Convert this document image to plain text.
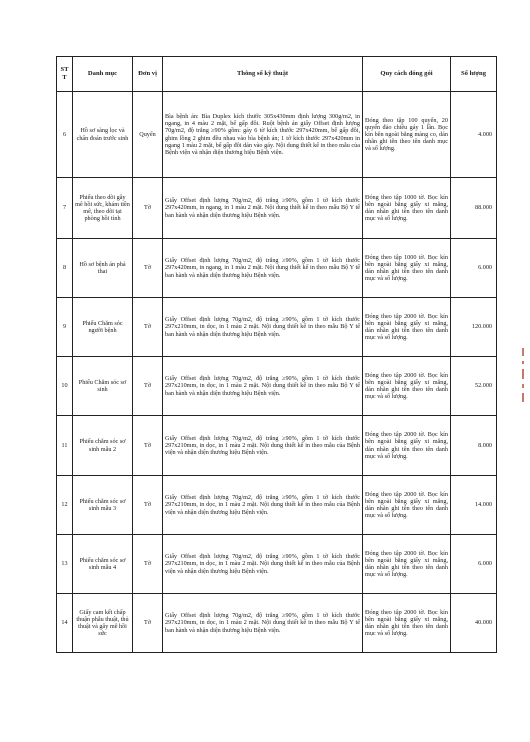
STT	Danh mục	Đơn vị	Thông số kỹ thuật	Quy cách đóng gói	Số lượng
6	Hồ sơ sàng lọc và chẩn đoán trước sinh	Quyển	Bìa bệnh án: Bìa Duplex kích thước 305x430mm định lượng 300g/m2, in ngang, in 4 màu 2 mặt, bế gấp đôi. Ruột bệnh án giấy Offset định lượng 70g/m2, độ trắng ≥90% gồm: gáy 6 tờ kích thước 297x420mm, bế gấp đôi, ghim lồng 2 ghim đều nhau vào bìa bệnh án; 1 tờ kích thước 297x420mm in ngang 1 màu 2 mặt, bế gấp đôi dán vào gáy. Nội dung thiết kế in theo mẫu của Bệnh viện và nhận diện thương hiệu Bệnh viện.	Đóng theo tập 100 quyển, 20 quyển đảo chiều gáy 1 lần. Bọc kín bên ngoài bằng màng co, dán nhãn ghi tên theo tên danh mục và số lượng.	4.000
7	Phiếu theo dõi gây mê hồi sức, khám tiền mê, theo dõi tại phòng hồi tỉnh	Tờ	Giấy Offset định lượng 70g/m2, độ trắng ≥90%, gồm 1 tờ kích thước 297x420mm, in ngang, in 1 màu 2 mặt. Nội dung thiết kế in theo mẫu Bộ Y tế ban hành và nhận diện thương hiệu Bệnh viện.	Đóng theo tập 1000 tờ. Bọc kín bên ngoài bằng giấy xi măng, dán nhãn ghi tên theo tên danh mục và số lượng.	88.000
8	Hồ sơ bệnh án phá thai	Tờ	Giấy Offset định lượng 70g/m2, độ trắng ≥90%, gồm 1 tờ kích thước 297x420mm, in ngang, in 1 màu 2 mặt. Nội dung thiết kế in theo mẫu Bộ Y tế ban hành và nhận diện thương hiệu Bệnh viện.	Đóng theo tập 1000 tờ. Bọc kín bên ngoài bằng giấy xi măng, dán nhãn ghi tên theo tên danh mục và số lượng.	6.000
9	Phiếu Chăm sóc người bệnh	Tờ	Giấy Offset định lượng 70g/m2, độ trắng ≥90%, gồm 1 tờ kích thước 297x210mm, in dọc, in 1 màu 2 mặt. Nội dung thiết kế in theo mẫu Bộ Y tế ban hành và nhận diện thương hiệu Bệnh viện.	Đóng theo tập 2000 tờ. Bọc kín bên ngoài bằng giấy xi măng, dán nhãn ghi tên theo tên danh mục và số lượng.	120.000
10	Phiếu Chăm sóc sơ sinh	Tờ	Giấy Offset định lượng 70g/m2, độ trắng ≥90%, gồm 1 tờ kích thước 297x210mm, in dọc, in 1 màu 2 mặt. Nội dung thiết kế in theo mẫu Bộ Y tế ban hành và nhận diện thương hiệu Bệnh viện.	Đóng theo tập 2000 tờ. Bọc kín bên ngoài bằng giấy xi măng, dán nhãn ghi tên theo tên danh mục và số lượng.	52.000
11	Phiếu chăm sóc sơ sinh mẫu 2	Tờ	Giấy Offset định lượng 70g/m2, độ trắng ≥90%, gồm 1 tờ kích thước 297x210mm, in dọc, in 1 màu 2 mặt. Nội dung thiết kế in theo mẫu của Bệnh viện và nhận diện thương hiệu Bệnh viện.	Đóng theo tập 2000 tờ. Bọc kín bên ngoài bằng giấy xi măng, dán nhãn ghi tên theo tên danh mục và số lượng.	8.000
12	Phiếu chăm sóc sơ sinh mẫu 3	Tờ	Giấy Offset định lượng 70g/m2, độ trắng ≥90%, gồm 1 tờ kích thước 297x210mm, in dọc, in 1 màu 2 mặt. Nội dung thiết kế in theo mẫu của Bệnh viện và nhận diện thương hiệu Bệnh viện.	Đóng theo tập 2000 tờ. Bọc kín bên ngoài bằng giấy xi măng, dán nhãn ghi tên theo tên danh mục và số lượng.	14.000
13	Phiếu chăm sóc sơ sinh mẫu 4	Tờ	Giấy Offset định lượng 70g/m2, độ trắng ≥90%, gồm 1 tờ kích thước 297x210mm, in dọc, in 1 màu 2 mặt. Nội dung thiết kế in theo mẫu của Bệnh viện và nhận diện thương hiệu Bệnh viện.	Đóng theo tập 2000 tờ. Bọc kín bên ngoài bằng giấy xi măng, dán nhãn ghi tên theo tên danh mục và số lượng.	6.000
14	Giấy cam kết chấp thuận phẫu thuật, thủ thuật và gây mê hồi sức	Tờ	Giấy Offset định lượng 70g/m2, độ trắng ≥90%, gồm 1 tờ kích thước 297x210mm, in dọc, in 1 màu 2 mặt. Nội dung thiết kế in theo mẫu Bộ Y tế ban hành và nhận diện thương hiệu Bệnh viện.	Đóng theo tập 2000 tờ. Bọc kín bên ngoài bằng giấy xi măng, dán nhãn ghi tên theo tên danh mục và số lượng.	40.000
